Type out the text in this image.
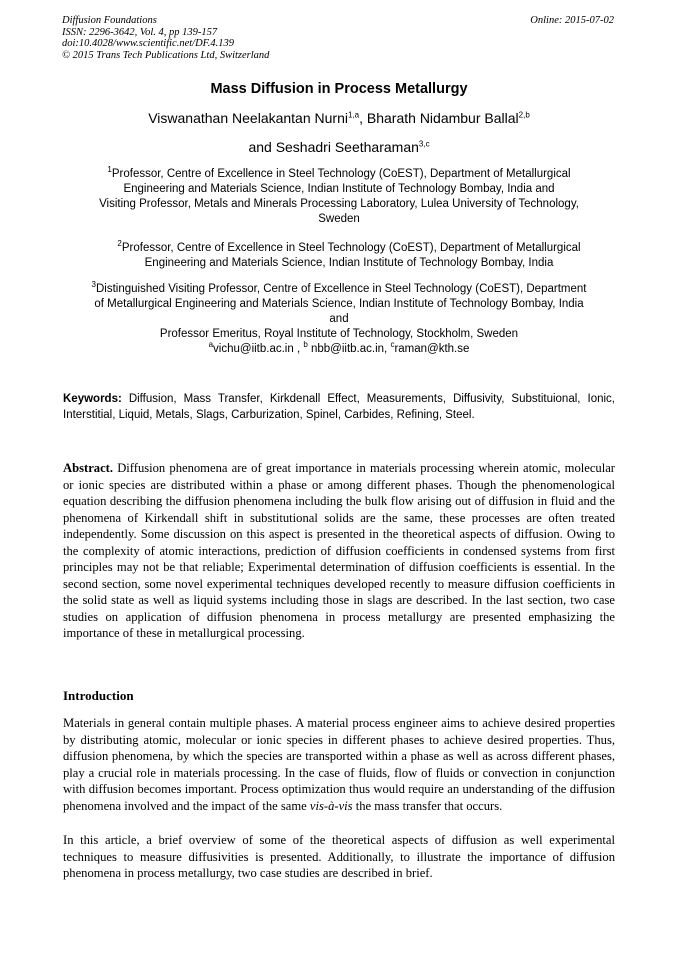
Diffusion Foundations
ISSN: 2296-3642, Vol. 4, pp 139-157
doi:10.4028/www.scientific.net/DF.4.139
© 2015 Trans Tech Publications Ltd, Switzerland
Online: 2015-07-02
Mass Diffusion in Process Metallurgy
Viswanathan Neelakantan Nurni$^{1,a}$, Bharath Nidambur Ballal$^{2,b}$
and Seshadri Seetharaman$^{3,c}$
$^1$Professor, Centre of Excellence in Steel Technology (CoEST), Department of Metallurgical
Engineering and Materials Science, Indian Institute of Technology Bombay, India and
Visiting Professor, Metals and Minerals Processing Laboratory, Lulea University of Technology,
Sweden
$^2$Professor, Centre of Excellence in Steel Technology (CoEST), Department of Metallurgical
Engineering and Materials Science, Indian Institute of Technology Bombay, India
$^3$Distinguished Visiting Professor, Centre of Excellence in Steel Technology (CoEST), Department
of Metallurgical Engineering and Materials Science, Indian Institute of Technology Bombay, India
and
Professor Emeritus, Royal Institute of Technology, Stockholm, Sweden
$^a$vichu@iitb.ac.in , $^b$ nbb@iitb.ac.in, $^c$raman@kth.se
Keywords: Diffusion, Mass Transfer, Kirkdenall Effect, Measurements, Diffusivity, Substituional, Ionic, Interstitial, Liquid, Metals, Slags, Carburization, Spinel, Carbides, Refining, Steel.
Abstract. Diffusion phenomena are of great importance in materials processing wherein atomic, molecular or ionic species are distributed within a phase or among different phases. Though the phenomenological equation describing the diffusion phenomena including the bulk flow arising out of diffusion in fluid and the phenomena of Kirkendall shift in substitutional solids are the same, these processes are often treated independently. Some discussion on this aspect is presented in the theoretical aspects of diffusion. Owing to the complexity of atomic interactions, prediction of diffusion coefficients in condensed systems from first principles may not be that reliable; Experimental determination of diffusion coefficients is essential. In the second section, some novel experimental techniques developed recently to measure diffusion coefficients in the solid state as well as liquid systems including those in slags are described. In the last section, two case studies on application of diffusion phenomena in process metallurgy are presented emphasizing the importance of these in metallurgical processing.
Introduction
Materials in general contain multiple phases. A material process engineer aims to achieve desired properties by distributing atomic, molecular or ionic species in different phases to achieve desired properties. Thus, diffusion phenomena, by which the species are transported within a phase as well as across different phases, play a crucial role in materials processing. In the case of fluids, flow of fluids or convection in conjunction with diffusion becomes important. Process optimization thus would require an understanding of the diffusion phenomena involved and the impact of the same vis-à-vis the mass transfer that occurs.
In this article, a brief overview of some of the theoretical aspects of diffusion as well experimental techniques to measure diffusivities is presented. Additionally, to illustrate the importance of diffusion phenomena in process metallurgy, two case studies are described in brief.
